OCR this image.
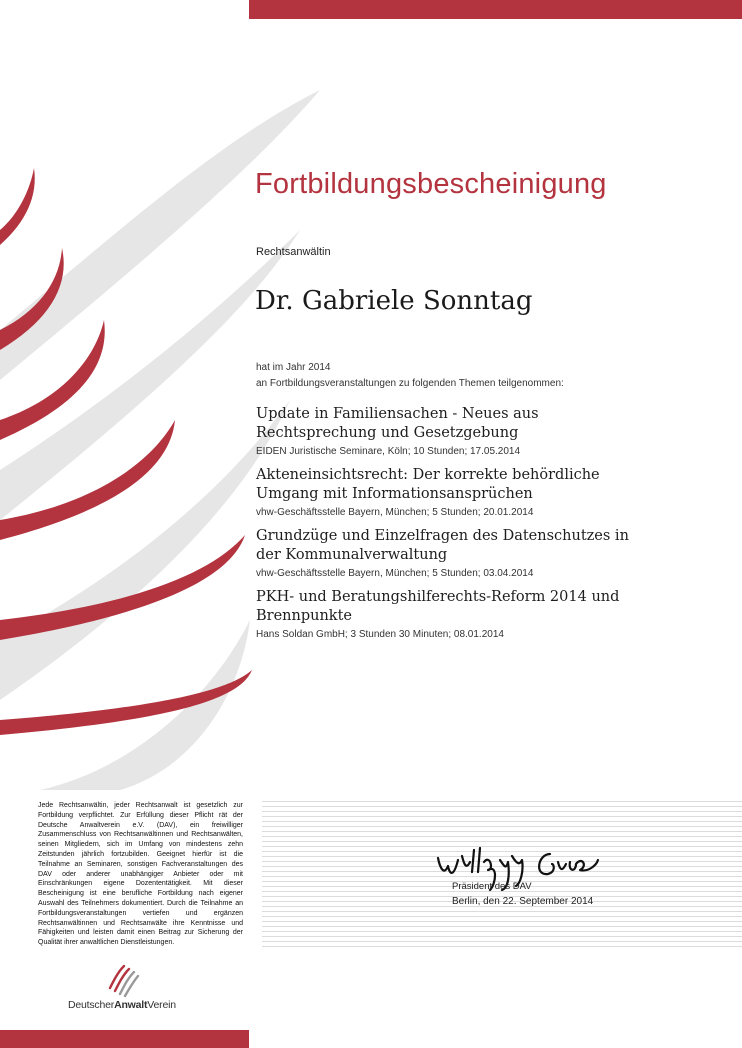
Fortbildungsbescheinigung
Rechtsanwältin
Dr. Gabriele Sonntag
hat im Jahr 2014
an Fortbildungsveranstaltungen zu folgenden Themen teilgenommen:
Update in Familiensachen - Neues aus Rechtsprechung und Gesetzgebung
EIDEN Juristische Seminare, Köln; 10 Stunden; 17.05.2014
Akteneinsichtsrecht: Der korrekte behördliche Umgang mit Informationsansprüchen
vhw-Geschäftsstelle Bayern, München; 5 Stunden; 20.01.2014
Grundzüge und Einzelfragen des Datenschutzes in der Kommunalverwaltung
vhw-Geschäftsstelle Bayern, München; 5 Stunden; 03.04.2014
PKH- und Beratungshilferechts-Reform 2014 und Brennpunkte
Hans Soldan GmbH; 3 Stunden 30 Minuten; 08.01.2014
Jede Rechtsanwältin, jeder Rechtsanwalt ist gesetzlich zur Fortbildung verpflichtet. Zur Erfüllung dieser Pflicht rät der Deutsche Anwaltverein e.V. (DAV), ein freiwilliger Zusammenschluss von Rechtsanwältinnen und Rechtsanwälten, seinen Mitgliedern, sich im Umfang von mindestens zehn Zeitstunden jährlich fortzubilden. Geeignet hierfür ist die Teilnahme an Seminaren, sonstigen Fachveranstaltungen des DAV oder anderer unabhängiger Anbieter oder mit Einschränkungen eigene Dozententätigkeit. Mit dieser Bescheinigung ist eine berufliche Fortbildung nach eigener Auswahl des Teilnehmers dokumentiert. Durch die Teilnahme an Fortbildungsveranstaltungen vertiefen und ergänzen Rechtsanwältinnen und Rechtsanwälte ihre Kenntnisse und Fähigkeiten und leisten damit einen Beitrag zur Sicherung der Qualität ihrer anwaltlichen Dienstleistungen.
Präsident des DAV
Berlin, den 22. September 2014
DeutscherAnwaltVerein
